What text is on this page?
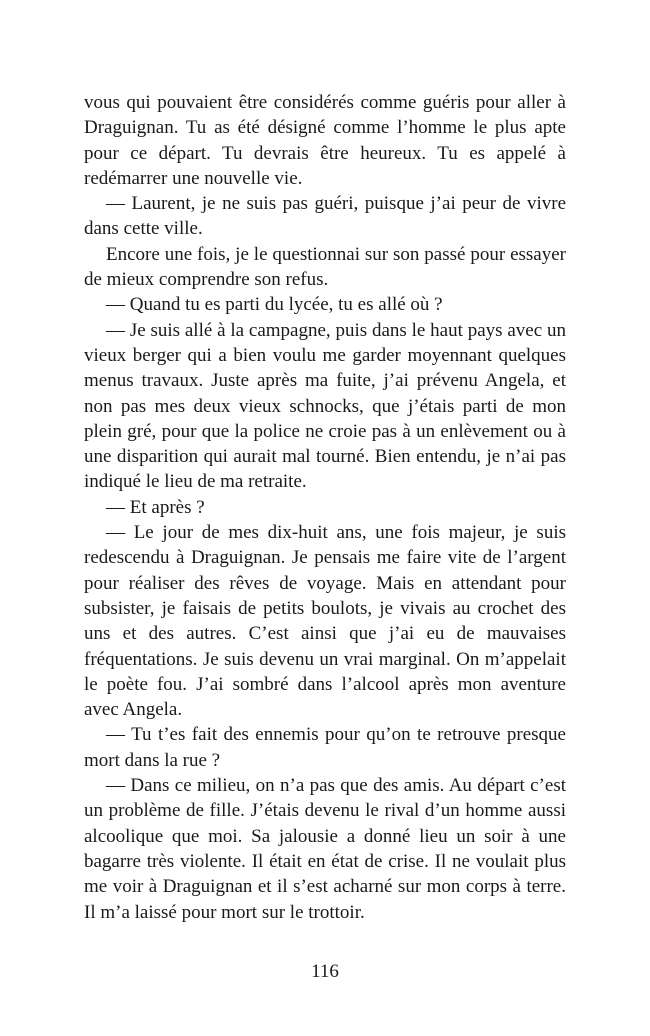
vous qui pouvaient être considérés comme guéris pour aller à Draguignan. Tu as été désigné comme l’homme le plus apte pour ce départ. Tu devrais être heureux. Tu es appelé à redémarrer une nouvelle vie.

— Laurent, je ne suis pas guéri, puisque j’ai peur de vivre dans cette ville.

Encore une fois, je le questionnai sur son passé pour essayer de mieux comprendre son refus.

— Quand tu es parti du lycée, tu es allé où ?

— Je suis allé à la campagne, puis dans le haut pays avec un vieux berger qui a bien voulu me garder moyennant quelques menus travaux. Juste après ma fuite, j’ai prévenu Angela, et non pas mes deux vieux schnocks, que j’étais parti de mon plein gré, pour que la police ne croie pas à un enlèvement ou à une disparition qui aurait mal tourné. Bien entendu, je n’ai pas indiqué le lieu de ma retraite.

— Et après ?

— Le jour de mes dix-huit ans, une fois majeur, je suis redescendu à Draguignan. Je pensais me faire vite de l’argent pour réaliser des rêves de voyage. Mais en attendant pour subsister, je faisais de petits boulots, je vivais au crochet des uns et des autres. C’est ainsi que j’ai eu de mauvaises fréquentations. Je suis devenu un vrai marginal. On m’appelait le poète fou. J’ai sombré dans l’alcool après mon aventure avec Angela.

— Tu t’es fait des ennemis pour qu’on te retrouve presque mort dans la rue ?

— Dans ce milieu, on n’a pas que des amis. Au départ c’est un problème de fille. J’étais devenu le rival d’un homme aussi alcoolique que moi. Sa jalousie a donné lieu un soir à une bagarre très violente. Il était en état de crise. Il ne voulait plus me voir à Draguignan et il s’est acharné sur mon corps à terre. Il m’a laissé pour mort sur le trottoir.

116
